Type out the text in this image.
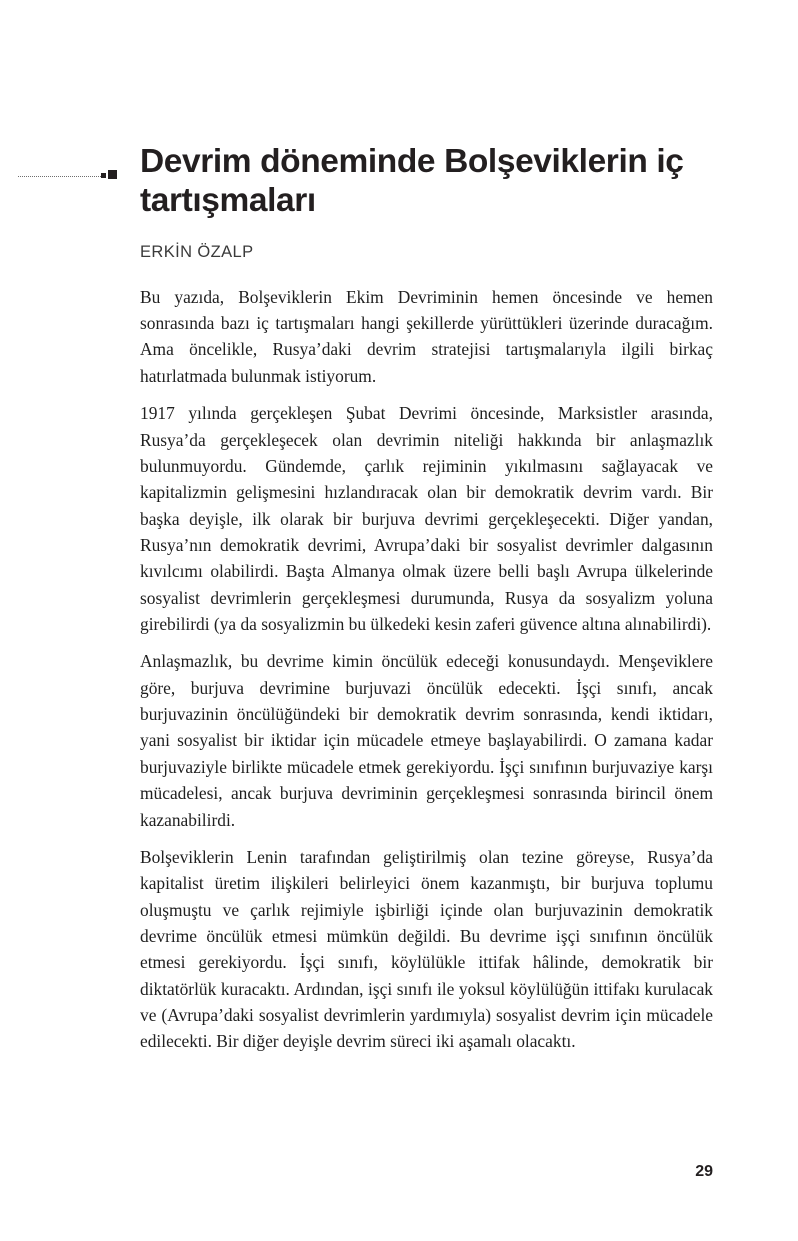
Devrim döneminde Bolşeviklerin iç tartışmaları
ERKİN ÖZALP

Bu yazıda, Bolşeviklerin Ekim Devriminin hemen öncesinde ve hemen sonrasında bazı iç tartışmaları hangi şekillerde yürüttükleri üzerinde duracağım. Ama öncelikle, Rusya’daki devrim stratejisi tartışmalarıyla ilgili birkaç hatırlatmada bulunmak istiyorum.

1917 yılında gerçekleşen Şubat Devrimi öncesinde, Marksistler arasında, Rusya’da gerçekleşecek olan devrimin niteliği hakkında bir anlaşmazlık bulunmuyordu. Gündemde, çarlık rejiminin yıkılmasını sağlayacak ve kapitalizmin gelişmesini hızlandıracak olan bir demokratik devrim vardı. Bir başka deyişle, ilk olarak bir burjuva devrimi gerçekleşecekti. Diğer yandan, Rusya’nın demokratik devrimi, Avrupa’daki bir sosyalist devrimler dalgasının kıvılcımı olabilirdi. Başta Almanya olmak üzere belli başlı Avrupa ülkelerinde sosyalist devrimlerin gerçekleşmesi durumunda, Rusya da sosyalizm yoluna girebilirdi (ya da sosyalizmin bu ülkedeki kesin zaferi güvence altına alınabilirdi).

Anlaşmazlık, bu devrime kimin öncülük edeceği konusundaydı. Menşeviklere göre, burjuva devrimine burjuvazi öncülük edecekti. İşçi sınıfı, ancak burjuvazinin öncülüğündeki bir demokratik devrim sonrasında, kendi iktidarı, yani sosyalist bir iktidar için mücadele etmeye başlayabilirdi. O zamana kadar burjuvaziyle birlikte mücadele etmek gerekiyordu. İşçi sınıfının burjuvaziye karşı mücadelesi, ancak burjuva devriminin gerçekleşmesi sonrasında birincil önem kazanabilirdi.

Bolşeviklerin Lenin tarafından geliştirilmiş olan tezine göreyse, Rusya’da kapitalist üretim ilişkileri belirleyici önem kazanmıştı, bir burjuva toplumu oluşmuştu ve çarlık rejimiyle işbirliği içinde olan burjuvazinin demokratik devrime öncülük etmesi mümkün değildi. Bu devrime işçi sınıfının öncülük etmesi gerekiyordu. İşçi sınıfı, köylülükle ittifak hâlinde, demokratik bir diktatörlük kuracaktı. Ardından, işçi sınıfı ile yoksul köylülüğün ittifakı kurulacak ve (Avrupa’daki sosyalist devrimlerin yardımıyla) sosyalist devrim için mücadele edilecekti. Bir diğer deyişle devrim süreci iki aşamalı olacaktı.

29
